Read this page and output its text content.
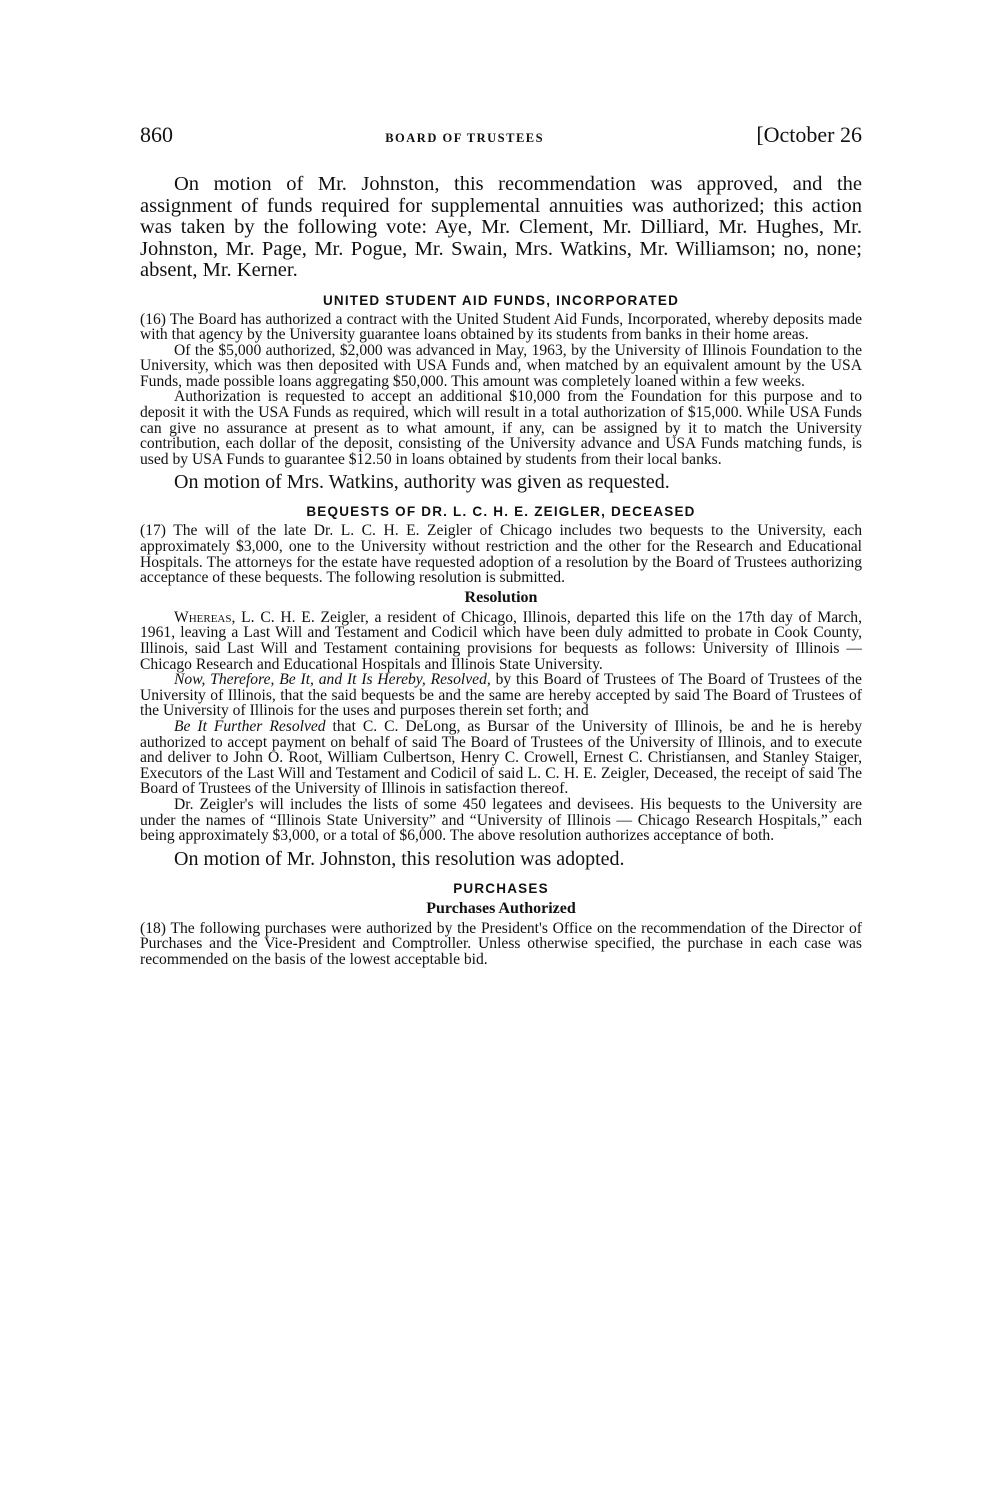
860	BOARD OF TRUSTEES	[October 26

On motion of Mr. Johnston, this recommendation was approved, and the assignment of funds required for supplemental annuities was authorized; this action was taken by the following vote: Aye, Mr. Clement, Mr. Dilliard, Mr. Hughes, Mr. Johnston, Mr. Page, Mr. Pogue, Mr. Swain, Mrs. Watkins, Mr. Williamson; no, none; absent, Mr. Kerner.

UNITED STUDENT AID FUNDS, INCORPORATED

(16) The Board has authorized a contract with the United Student Aid Funds, Incorporated, whereby deposits made with that agency by the University guarantee loans obtained by its students from banks in their home areas.

Of the $5,000 authorized, $2,000 was advanced in May, 1963, by the University of Illinois Foundation to the University, which was then deposited with USA Funds and, when matched by an equivalent amount by the USA Funds, made possible loans aggregating $50,000. This amount was completely loaned within a few weeks.

Authorization is requested to accept an additional $10,000 from the Foundation for this purpose and to deposit it with the USA Funds as required, which will result in a total authorization of $15,000. While USA Funds can give no assurance at present as to what amount, if any, can be assigned by it to match the University contribution, each dollar of the deposit, consisting of the University advance and USA Funds matching funds, is used by USA Funds to guarantee $12.50 in loans obtained by students from their local banks.

On motion of Mrs. Watkins, authority was given as requested.

BEQUESTS OF DR. L. C. H. E. ZEIGLER, DECEASED

(17) The will of the late Dr. L. C. H. E. Zeigler of Chicago includes two bequests to the University, each approximately $3,000, one to the University without restriction and the other for the Research and Educational Hospitals. The attorneys for the estate have requested adoption of a resolution by the Board of Trustees authorizing acceptance of these bequests. The following resolution is submitted.

Resolution

Whereas, L. C. H. E. Zeigler, a resident of Chicago, Illinois, departed this life on the 17th day of March, 1961, leaving a Last Will and Testament and Codicil which have been duly admitted to probate in Cook County, Illinois, said Last Will and Testament containing provisions for bequests as follows: University of Illinois — Chicago Research and Educational Hospitals and Illinois State University.

Now, Therefore, Be It, and It Is Hereby, Resolved, by this Board of Trustees of The Board of Trustees of the University of Illinois, that the said bequests be and the same are hereby accepted by said The Board of Trustees of the University of Illinois for the uses and purposes therein set forth; and

Be It Further Resolved that C. C. DeLong, as Bursar of the University of Illinois, be and he is hereby authorized to accept payment on behalf of said The Board of Trustees of the University of Illinois, and to execute and deliver to John O. Root, William Culbertson, Henry C. Crowell, Ernest C. Christiansen, and Stanley Staiger, Executors of the Last Will and Testament and Codicil of said L. C. H. E. Zeigler, Deceased, the receipt of said The Board of Trustees of the University of Illinois in satisfaction thereof.

Dr. Zeigler's will includes the lists of some 450 legatees and devisees. His bequests to the University are under the names of “Illinois State University” and “University of Illinois — Chicago Research Hospitals,” each being approximately $3,000, or a total of $6,000. The above resolution authorizes acceptance of both.

On motion of Mr. Johnston, this resolution was adopted.

PURCHASES
Purchases Authorized

(18) The following purchases were authorized by the President's Office on the recommendation of the Director of Purchases and the Vice-President and Comptroller. Unless otherwise specified, the purchase in each case was recommended on the basis of the lowest acceptable bid.
